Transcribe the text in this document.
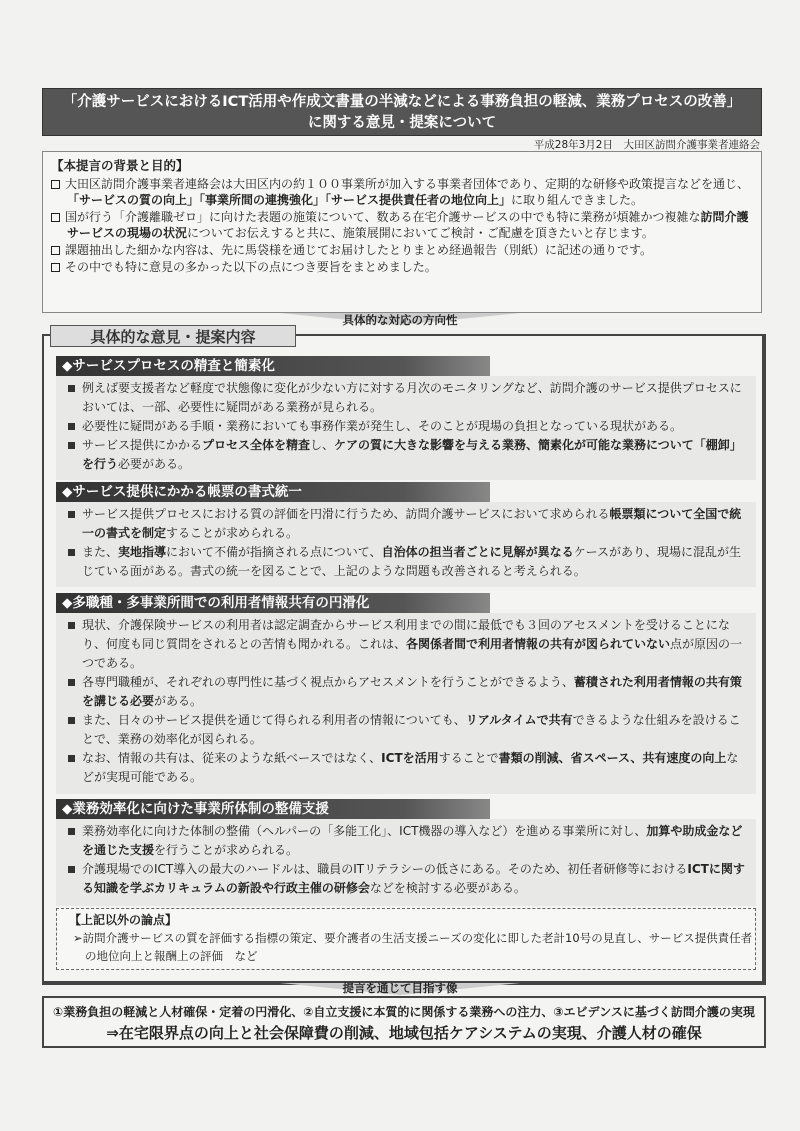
「介護サービスにおけるICT活用や作成文書量の半減などによる事務負担の軽減、業務プロセスの改善」
に関する意見・提案について
平成28年3月2日　大田区訪問介護事業者連絡会
【本提言の背景と目的】
大田区訪問介護事業者連絡会は大田区内の約１００事業所が加入する事業者団体であり、定期的な研修や政策提言などを通じ、「サービスの質の向上」「事業所間の連携強化」「サービス提供責任者の地位向上」に取り組んできました。
国が行う「介護離職ゼロ」に向けた表題の施策について、数ある在宅介護サービスの中でも特に業務が煩雑かつ複雑な訪問介護サービスの現場の状況についてお伝えすると共に、施策展開においてご検討・ご配慮を頂きたいと存じます。
課題抽出した細かな内容は、先に馬袋様を通じてお届けしたとりまとめ経過報告（別紙）に記述の通りです。
その中でも特に意見の多かった以下の点につき要旨をまとめました。
具体的な対応の方向性
具体的な意見・提案内容
◆サービスプロセスの精査と簡素化
例えば要支援者など軽度で状態像に変化が少ない方に対する月次のモニタリングなど、訪問介護のサービス提供プロセスにおいては、一部、必要性に疑問がある業務が見られる。
必要性に疑問がある手順・業務においても事務作業が発生し、そのことが現場の負担となっている現状がある。
サービス提供にかかるプロセス全体を精査し、ケアの質に大きな影響を与える業務、簡素化が可能な業務について「棚卸」を行う必要がある。
◆サービス提供にかかる帳票の書式統一
サービス提供プロセスにおける質の評価を円滑に行うため、訪問介護サービスにおいて求められる帳票類について全国で統一の書式を制定することが求められる。
また、実地指導において不備が指摘される点について、自治体の担当者ごとに見解が異なるケースがあり、現場に混乱が生じている面がある。書式の統一を図ることで、上記のような問題も改善されると考えられる。
◆多職種・多事業所間での利用者情報共有の円滑化
現状、介護保険サービスの利用者は認定調査からサービス利用までの間に最低でも３回のアセスメントを受けることになり、何度も同じ質問をされるとの苦情も聞かれる。これは、各関係者間で利用者情報の共有が図られていない点が原因の一つである。
各専門職種が、それぞれの専門性に基づく視点からアセスメントを行うことができるよう、蓄積された利用者情報の共有策を講じる必要がある。
また、日々のサービス提供を通じて得られる利用者の情報についても、リアルタイムで共有できるような仕組みを設けることで、業務の効率化が図られる。
なお、情報の共有は、従来のような紙ベースではなく、ICTを活用することで書類の削減、省スペース、共有速度の向上などが実現可能である。
◆業務効率化に向けた事業所体制の整備支援
業務効率化に向けた体制の整備（ヘルパーの「多能工化」、ICT機器の導入など）を進める事業所に対し、加算や助成金などを通じた支援を行うことが求められる。
介護現場でのICT導入の最大のハードルは、職員のITリテラシーの低さにある。そのため、初任者研修等におけるICTに関する知識を学ぶカリキュラムの新設や行政主催の研修会などを検討する必要がある。
【上記以外の論点】
➢訪問介護サービスの質を評価する指標の策定、要介護者の生活支援ニーズの変化に即した老計10号の見直し、サービス提供責任者の地位向上と報酬上の評価　など
提言を通じて目指す像
①業務負担の軽減と人材確保・定着の円滑化、②自立支援に本質的に関係する業務への注力、③エビデンスに基づく訪問介護の実現
⇒在宅限界点の向上と社会保障費の削減、地域包括ケアシステムの実現、介護人材の確保
